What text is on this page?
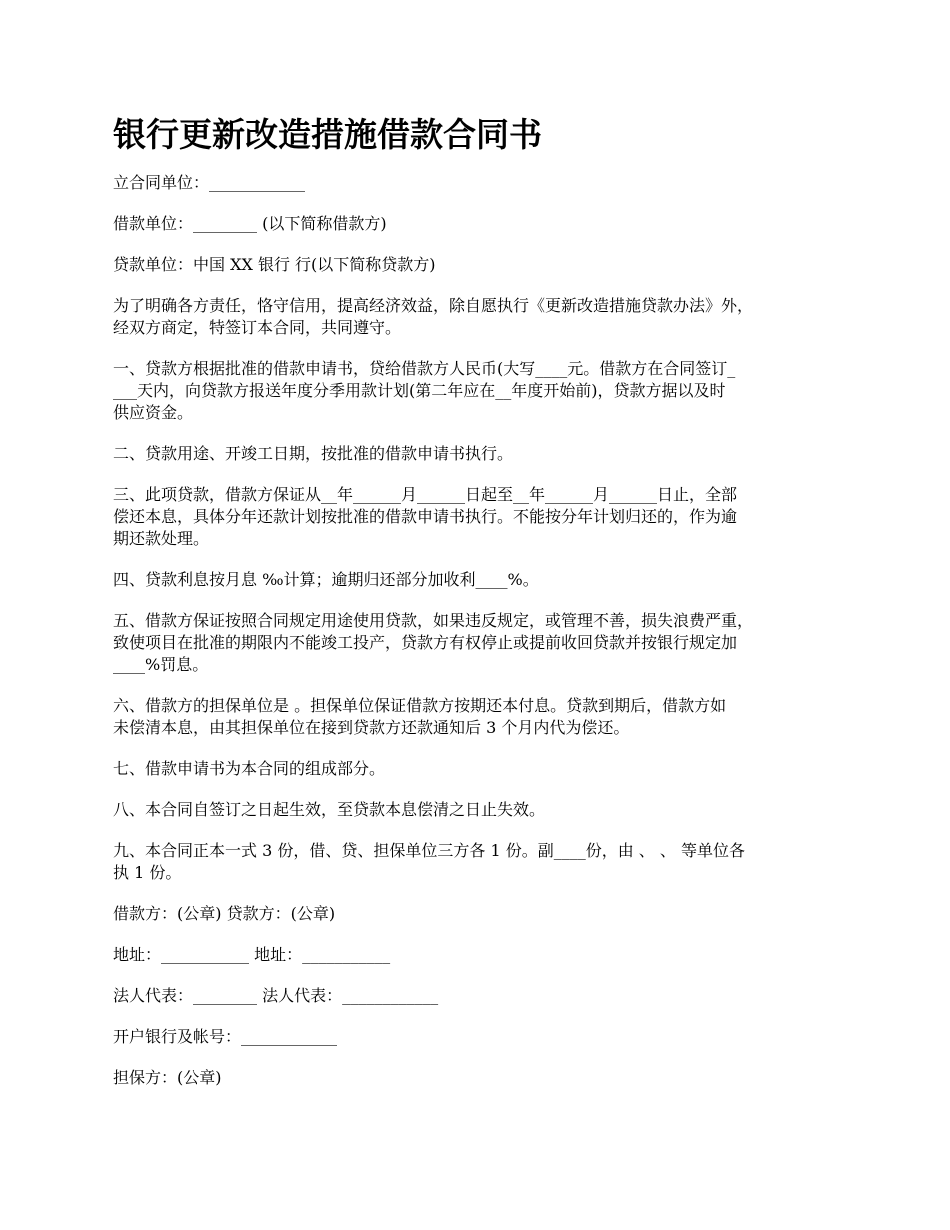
银行更新改造措施借款合同书

立合同单位：____________

借款单位：________ (以下简称借款方)

贷款单位：中国 XX 银行 行(以下简称贷款方)

为了明确各方责任，恪守信用，提高经济效益，除自愿执行《更新改造措施贷款办法》外，
经双方商定，特签订本合同，共同遵守。

一、贷款方根据批准的借款申请书，贷给借款方人民币(大写____元。借款方在合同签订_
___天内，向贷款方报送年度分季用款计划(第二年应在__年度开始前)，贷款方据以及时
供应资金。

二、贷款用途、开竣工日期，按批准的借款申请书执行。

三、此项贷款，借款方保证从__年______月______日起至__年______月______日止，全部
偿还本息，具体分年还款计划按批准的借款申请书执行。不能按分年计划归还的，作为逾
期还款处理。

四、贷款利息按月息 ‰计算；逾期归还部分加收利____%。

五、借款方保证按照合同规定用途使用贷款，如果违反规定，或管理不善，损失浪费严重，
致使项目在批准的期限内不能竣工投产，贷款方有权停止或提前收回贷款并按银行规定加
____%罚息。

六、借款方的担保单位是 。担保单位保证借款方按期还本付息。贷款到期后，借款方如
未偿清本息，由其担保单位在接到贷款方还款通知后 3 个月内代为偿还。

七、借款申请书为本合同的组成部分。

八、本合同自签订之日起生效，至贷款本息偿清之日止失效。

九、本合同正本一式 3 份，借、贷、担保单位三方各 1 份。副____份，由 、 、 等单位各
执 1 份。

借款方：(公章) 贷款方：(公章)

地址：___________ 地址：___________

法人代表：________ 法人代表：____________

开户银行及帐号：____________

担保方：(公章)
